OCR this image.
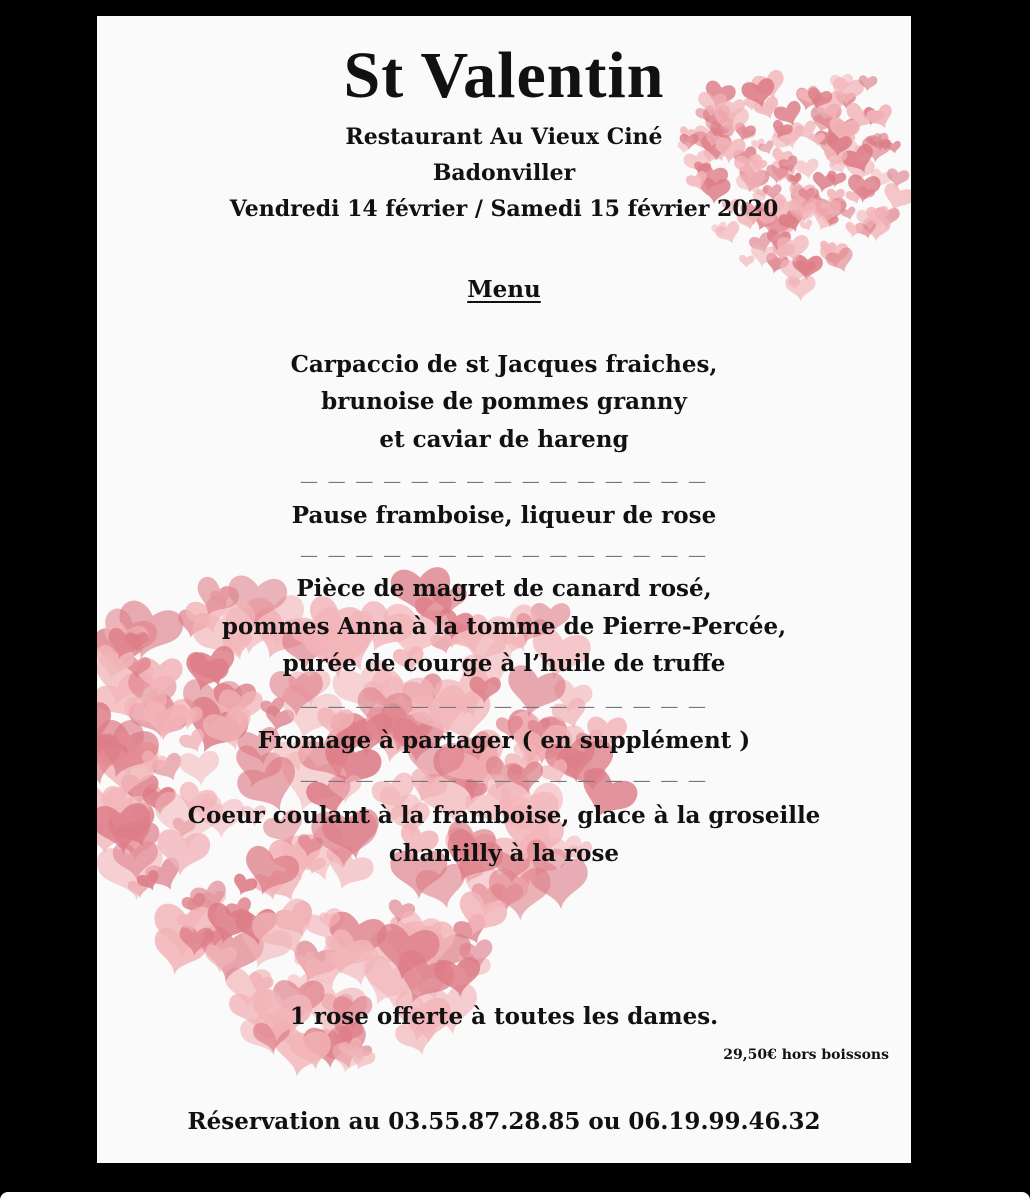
St Valentin
Restaurant Au Vieux Ciné
Badonviller
Vendredi 14 février / Samedi 15 février 2020
Menu
Carpaccio de st Jacques fraiches,
brunoise de pommes granny
et caviar de hareng
— — — — — — — — — — — — — — —
Pause framboise, liqueur de rose
— — — — — — — — — — — — — — —
Pièce de magret de canard rosé,
pommes Anna à la tomme de Pierre-Percée,
purée de courge à l’huile de truffe
— — — — — — — — — — — — — — —
Fromage à partager ( en supplément )
— — — — — — — — — — — — — — —
Coeur coulant à la framboise, glace à la groseille
chantilly à la rose
1 rose offerte à toutes les dames.
29,50€ hors boissons
Réservation au 03.55.87.28.85 ou 06.19.99.46.32
